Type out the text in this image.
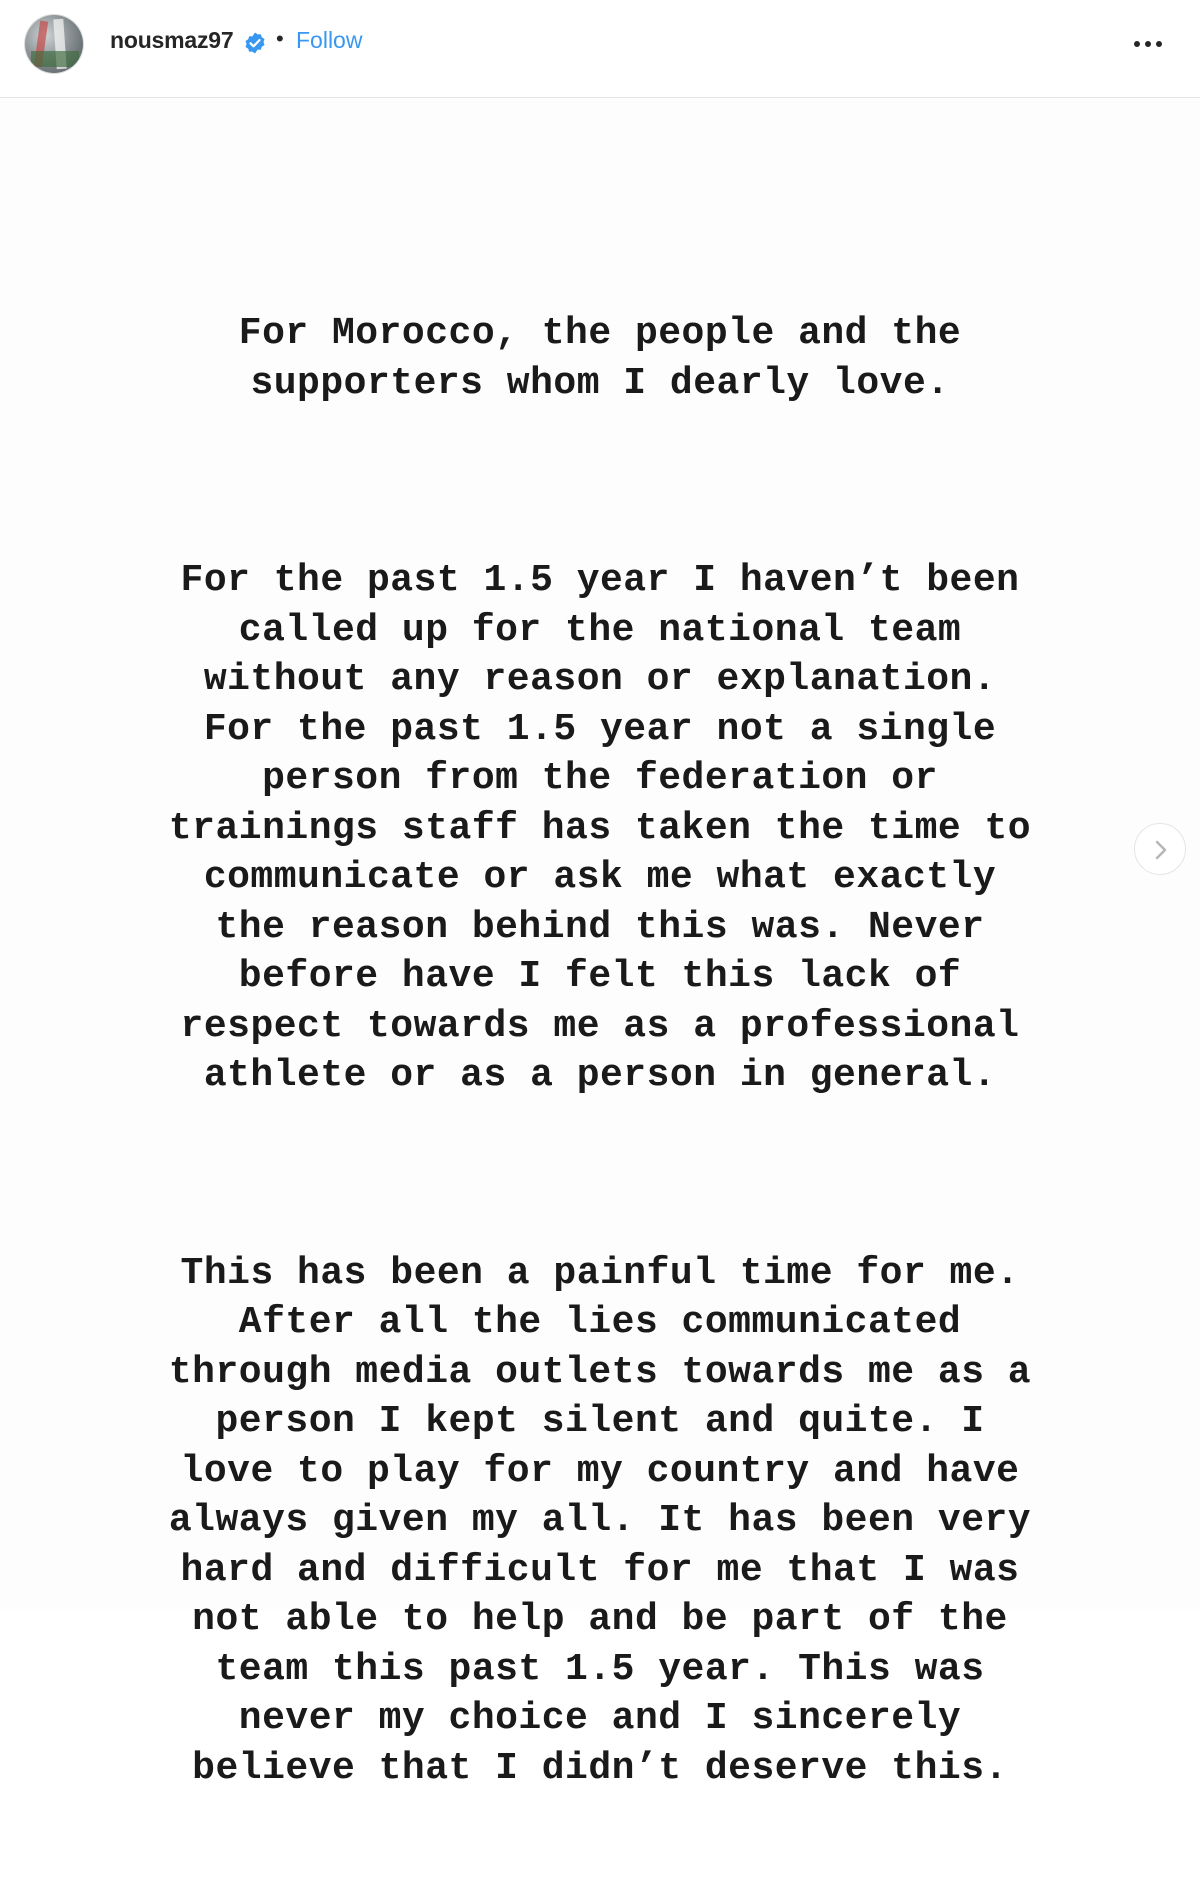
nousmaz97 • Follow

For Morocco, the people and the
supporters whom I dearly love.

For the past 1.5 year I haven’t been
called up for the national team
without any reason or explanation.
For the past 1.5 year not a single
person from the federation or
trainings staff has taken the time to
communicate or ask me what exactly
the reason behind this was. Never
before have I felt this lack of
respect towards me as a professional
athlete or as a person in general.

This has been a painful time for me.
After all the lies communicated
through media outlets towards me as a
person I kept silent and quite. I
love to play for my country and have
always given my all. It has been very
hard and difficult for me that I was
not able to help and be part of the
team this past 1.5 year. This was
never my choice and I sincerely
believe that I didn’t deserve this.
